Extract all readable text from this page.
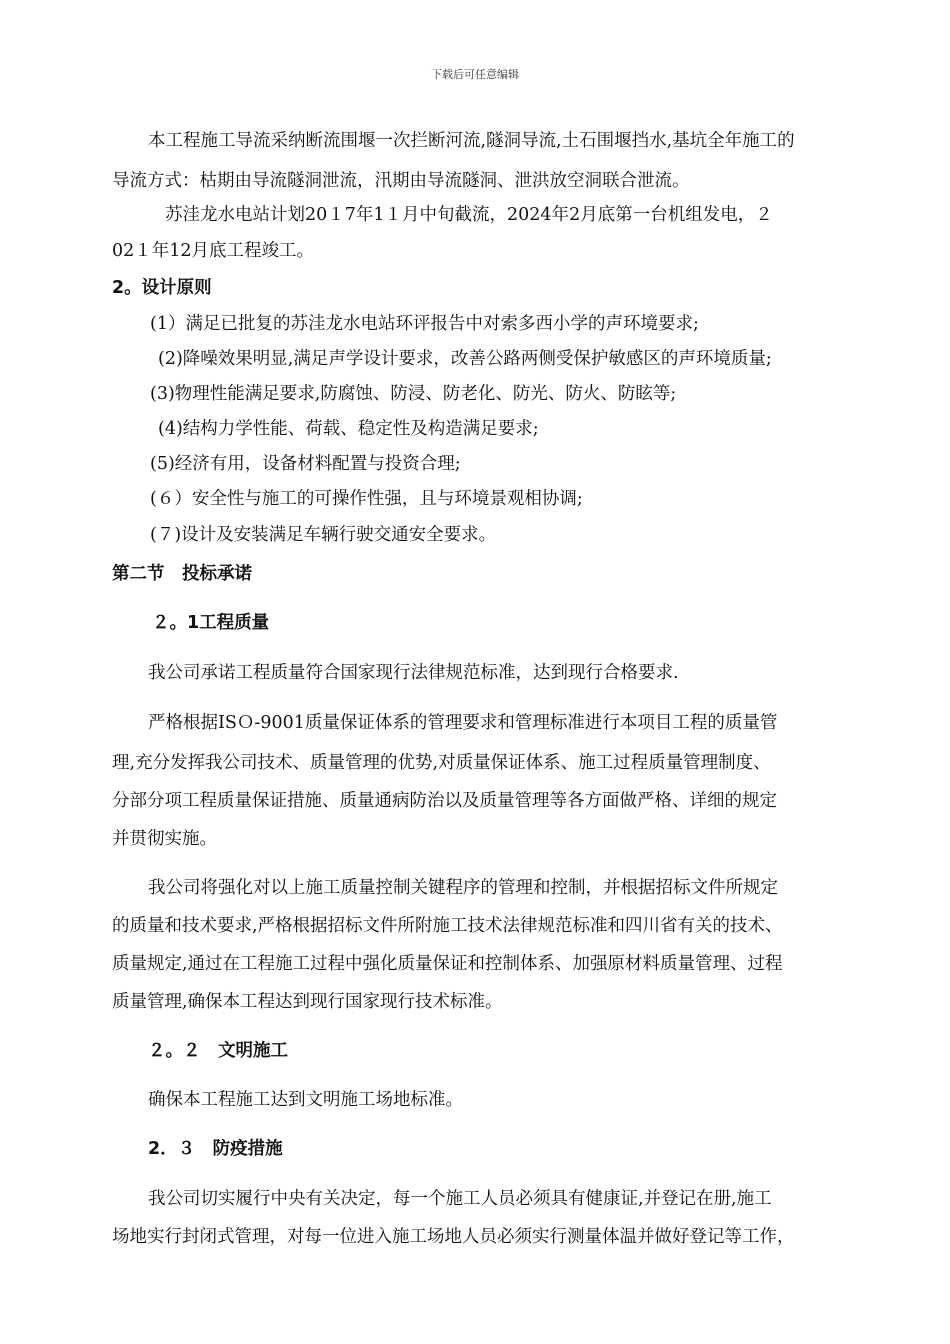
下载后可任意编辑
本工程施工导流采纳断流围堰一次拦断河流,隧洞导流,土石围堰挡水,基坑全年施工的
导流方式：枯期由导流隧洞泄流，汛期由导流隧洞、泄洪放空洞联合泄流。
苏洼龙水电站计划20１7年1１月中旬截流，2024年2月底第一台机组发电，２
02１年12月底工程竣工。
2。设计原则
(1）满足已批复的苏洼龙水电站环评报告中对索多西小学的声环境要求;
(2)降噪效果明显,满足声学设计要求，改善公路两侧受保护敏感区的声环境质量;
(3)物理性能满足要求,防腐蚀、防浸、防老化、防光、防火、防眩等;
(4)结构力学性能、荷载、稳定性及构造满足要求;
(5)经济有用，设备材料配置与投资合理;
(６）安全性与施工的可操作性强，且与环境景观相协调;
(７)设计及安装满足车辆行驶交通安全要求。
第二节　投标承诺
２。1工程质量
我公司承诺工程质量符合国家现行法律规范标准，达到现行合格要求.
严格根据ISＯ-9001质量保证体系的管理要求和管理标准进行本项目工程的质量管
理,充分发挥我公司技术、质量管理的优势,对质量保证体系、施工过程质量管理制度、
分部分项工程质量保证措施、质量通病防治以及质量管理等各方面做严格、详细的规定
并贯彻实施。
我公司将强化对以上施工质量控制关键程序的管理和控制，并根据招标文件所规定
的质量和技术要求,严格根据招标文件所附施工技术法律规范标准和四川省有关的技术、
质量规定,通过在工程施工过程中强化质量保证和控制体系、加强原材料质量管理、过程
质量管理,确保本工程达到现行国家现行技术标准。
２。２　文明施工
确保本工程施工达到文明施工场地标准。
2．３　防疫措施
我公司切实履行中央有关决定，每一个施工人员必须具有健康证,并登记在册,施工
场地实行封闭式管理，对每一位进入施工场地人员必须实行测量体温并做好登记等工作，
